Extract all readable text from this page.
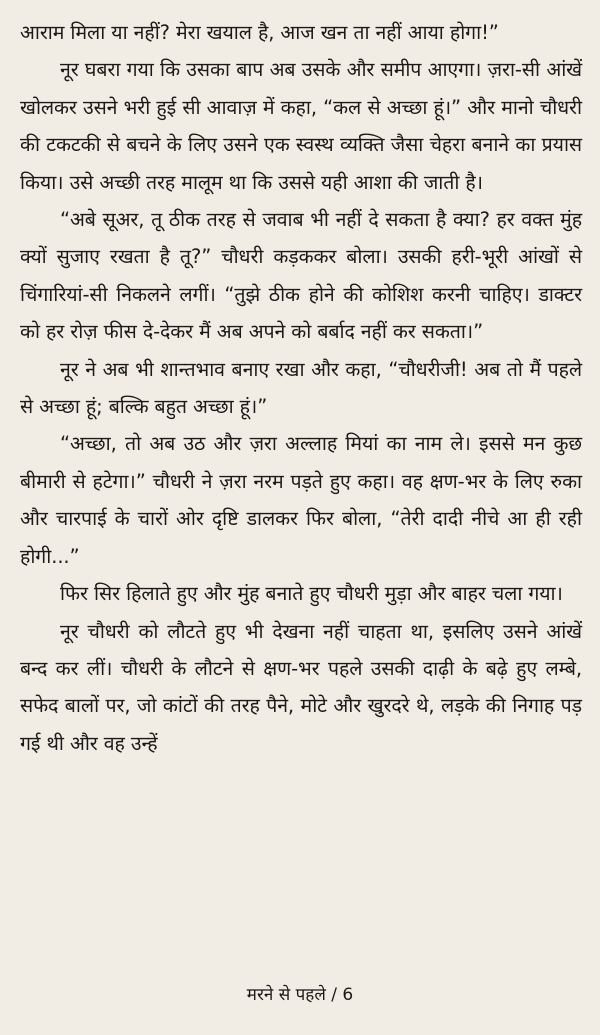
आराम मिला या नहीं? मेरा खयाल है, आज खन ता नहीं आया होगा!”

नूर घबरा गया कि उसका बाप अब उसके और समीप आएगा। ज़रा-सी आंखें खोलकर उसने भरी हुई सी आवाज़ में कहा, “कल से अच्छा हूं।” और मानो चौधरी की टकटकी से बचने के लिए उसने एक स्वस्थ व्यक्ति जैसा चेहरा बनाने का प्रयास किया। उसे अच्छी तरह मालूम था कि उससे यही आशा की जाती है।

“अबे सूअर, तू ठीक तरह से जवाब भी नहीं दे सकता है क्या? हर वक्त मुंह क्यों सुजाए रखता है तू?” चौधरी कड़ककर बोला। उसकी हरी-भूरी आंखों से चिंगारियां-सी निकलने लगीं। “तुझे ठीक होने की कोशिश करनी चाहिए। डाक्टर को हर रोज़ फीस दे-देकर मैं अब अपने को बर्बाद नहीं कर सकता।”

नूर ने अब भी शान्तभाव बनाए रखा और कहा, “चौधरीजी! अब तो मैं पहले से अच्छा हूं; बल्कि बहुत अच्छा हूं।”

“अच्छा, तो अब उठ और ज़रा अल्लाह मियां का नाम ले। इससे मन कुछ बीमारी से हटेगा।” चौधरी ने ज़रा नरम पड़ते हुए कहा। वह क्षण-भर के लिए रुका और चारपाई के चारों ओर दृष्टि डालकर फिर बोला, “तेरी दादी नीचे आ ही रही होगी...”

फिर सिर हिलाते हुए और मुंह बनाते हुए चौधरी मुड़ा और बाहर चला गया।

नूर चौधरी को लौटते हुए भी देखना नहीं चाहता था, इसलिए उसने आंखें बन्द कर लीं। चौधरी के लौटने से क्षण-भर पहले उसकी दाढ़ी के बढ़े हुए लम्बे, सफेद बालों पर, जो कांटों की तरह पैने, मोटे और खुरदरे थे, लड़के की निगाह पड़ गई थी और वह उन्हें

मरने से पहले / 6
